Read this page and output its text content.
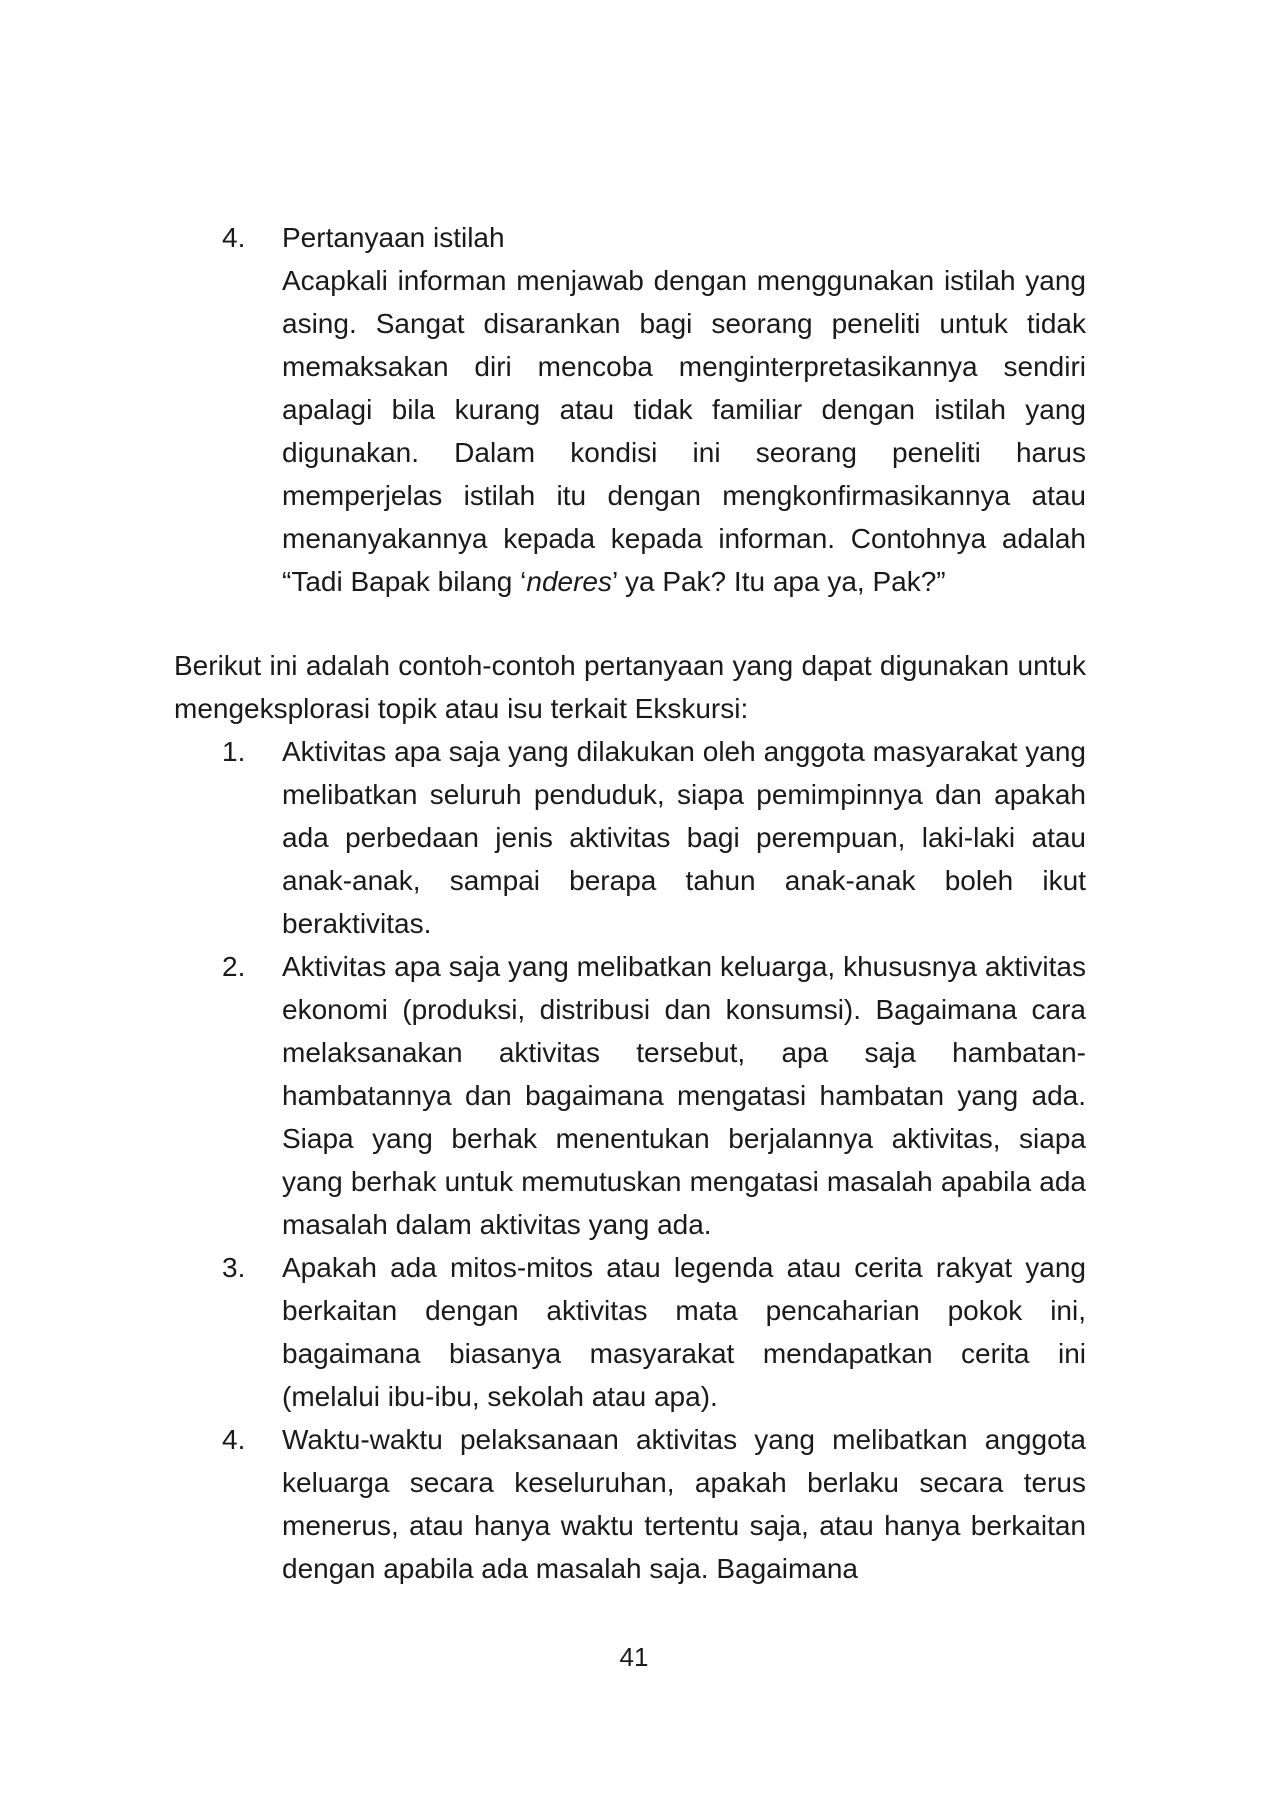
4.	Pertanyaan istilah
Acapkali informan menjawab dengan menggunakan istilah yang asing. Sangat disarankan bagi seorang peneliti untuk tidak memaksakan diri mencoba menginterpretasikannya sendiri apalagi bila kurang atau tidak familiar dengan istilah yang digunakan. Dalam kondisi ini seorang peneliti harus memperjelas istilah itu dengan mengkonfirmasikannya atau menanyakannya kepada kepada informan. Contohnya adalah “Tadi Bapak bilang ‘nderes’ ya Pak? Itu apa ya, Pak?”
Berikut ini adalah contoh-contoh pertanyaan yang dapat digunakan untuk mengeksplorasi topik atau isu terkait Ekskursi:
1.	Aktivitas apa saja yang dilakukan oleh anggota masyarakat yang melibatkan seluruh penduduk, siapa pemimpinnya dan apakah ada perbedaan jenis aktivitas bagi perempuan, laki-laki atau anak-anak, sampai berapa tahun anak-anak boleh ikut beraktivitas.
2.	Aktivitas apa saja yang melibatkan keluarga, khususnya aktivitas ekonomi (produksi, distribusi dan konsumsi). Bagaimana cara melaksanakan aktivitas tersebut, apa saja hambatan-hambatannya dan bagaimana mengatasi hambatan yang ada. Siapa yang berhak menentukan berjalannya aktivitas, siapa yang berhak untuk memutuskan mengatasi masalah apabila ada masalah dalam aktivitas yang ada.
3.	Apakah ada mitos-mitos atau legenda atau cerita rakyat yang berkaitan dengan aktivitas mata pencaharian pokok ini, bagaimana biasanya masyarakat mendapatkan cerita ini (melalui ibu-ibu, sekolah atau apa).
4.	Waktu-waktu pelaksanaan aktivitas yang melibatkan anggota keluarga secara keseluruhan, apakah berlaku secara terus menerus, atau hanya waktu tertentu saja, atau hanya berkaitan dengan apabila ada masalah saja. Bagaimana
41
